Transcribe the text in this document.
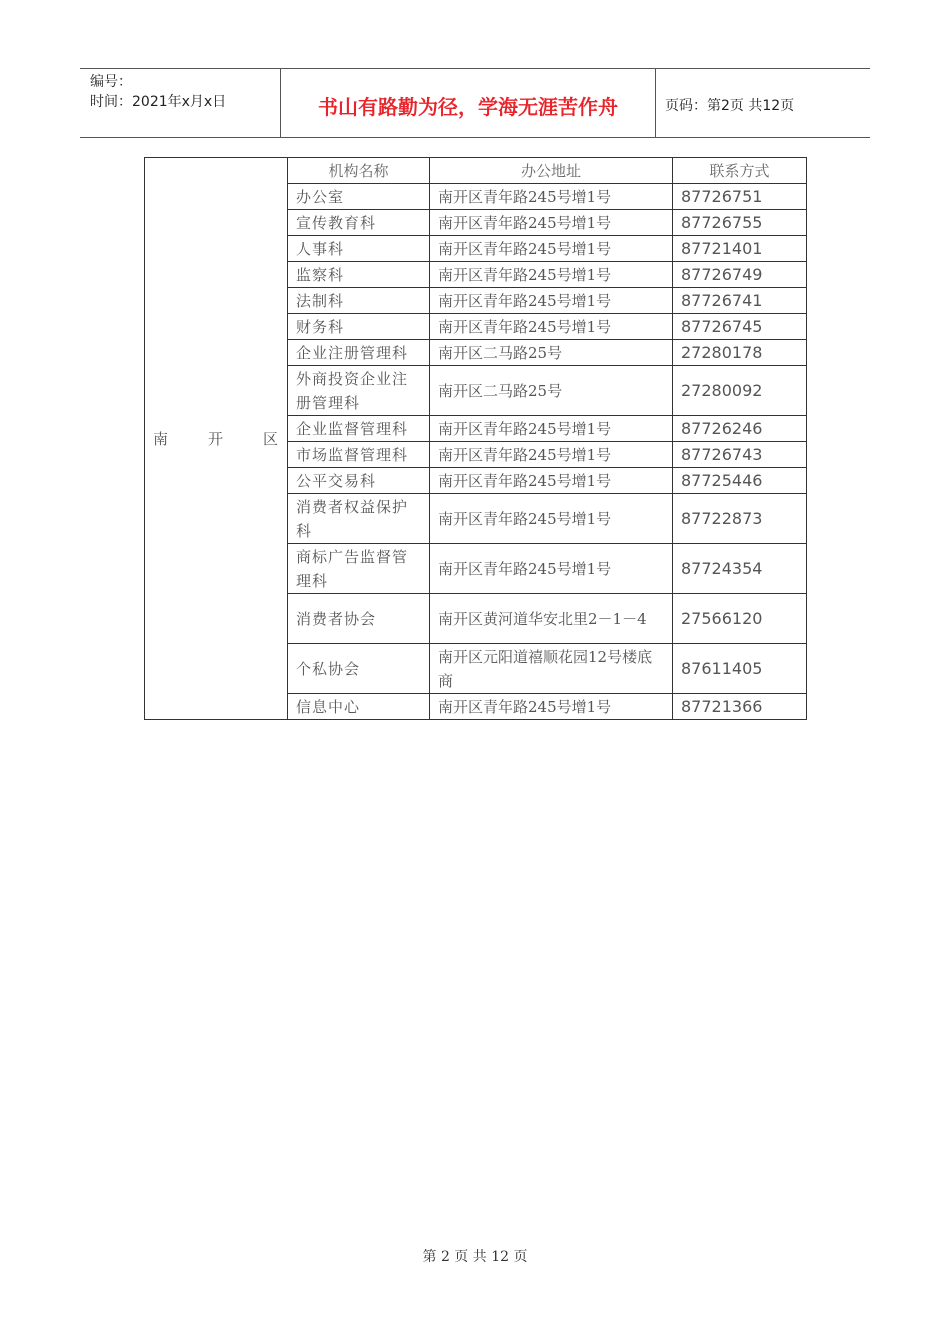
编号：
时间：2021年x月x日	书山有路勤为径，学海无涯苦作舟	页码：第2页 共12页
南 开 区	机构名称	办公地址	联系方式
	办公室	南开区青年路245号增1号	87726751
	宣传教育科	南开区青年路245号增1号	87726755
	人事科	南开区青年路245号增1号	87721401
	监察科	南开区青年路245号增1号	87726749
	法制科	南开区青年路245号增1号	87726741
	财务科	南开区青年路245号增1号	87726745
	企业注册管理科	南开区二马路25号	27280178
	外商投资企业注册管理科	南开区二马路25号	27280092
	企业监督管理科	南开区青年路245号增1号	87726246
	市场监督管理科	南开区青年路245号增1号	87726743
	公平交易科	南开区青年路245号增1号	87725446
	消费者权益保护科	南开区青年路245号增1号	87722873
	商标广告监督管理科	南开区青年路245号增1号	87724354
	消费者协会	南开区黄河道华安北里2－1－4	27566120
	个私协会	南开区元阳道禧顺花园12号楼底商	87611405
	信息中心	南开区青年路245号增1号	87721366
第 2 页 共 12 页
